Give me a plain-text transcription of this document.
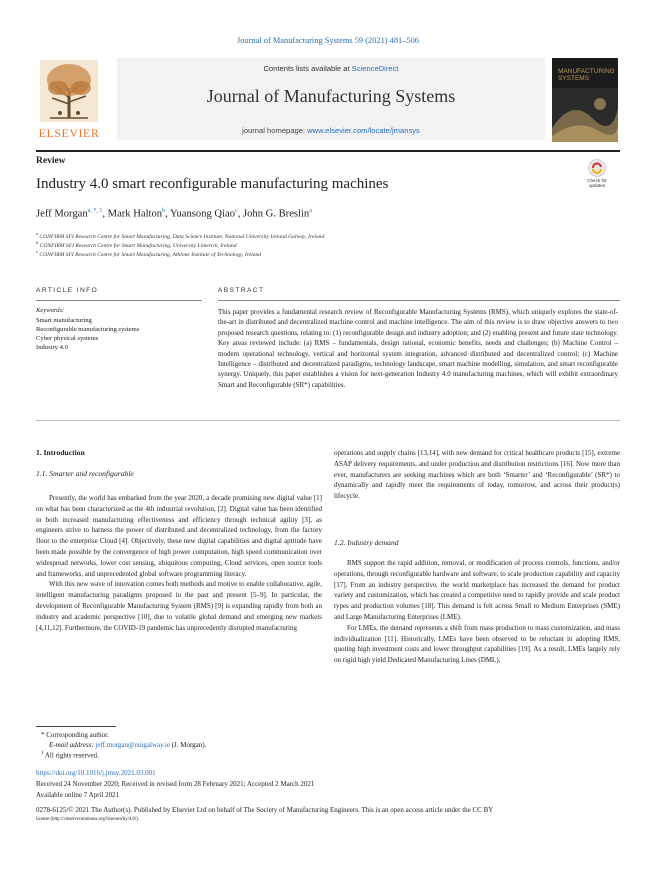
Journal of Manufacturing Systems 59 (2021) 481–506
ELSEVIER
Contents lists available at ScienceDirect
Journal of Manufacturing Systems
journal homepage: www.elsevier.com/locate/jmansys
MANUFACTURING
SYSTEMS
Review
Industry 4.0 smart reconfigurable manufacturing machines	Check for
updates
Jeff Morgan$^{a, *, 1}$, Mark Halton$^b$, Yuansong Qiao$^c$, John G. Breslin$^a$
$^a$ CONFIRM SFI Research Centre for Smart Manufacturing, Data Science Institute, National University Ireland Galway, Ireland
$^b$ CONFIRM SFI Research Centre for Smart Manufacturing, University Limerick, Ireland
$^c$ CONFIRM SFI Research Centre for Smart Manufacturing, Athlone Institute of Technology, Ireland
ARTICLE INFO	ABSTRACT
Keywords:
Smart manufacturing
Reconfigurable manufacturing systems
Cyber physical systems
Industry 4.0
This paper provides a fundamental research review of Reconfigurable Manufacturing Systems (RMS), which uniquely explores the state-of-the-art in distributed and decentralized machine control and machine intelligence. The aim of this review is to draw objective answers to two proposed research questions, relating to: (1) reconfigurable design and industry adoption; and (2) enabling present and future state technology. Key areas reviewed include: (a) RMS – fundamentals, design rational, economic benefits, needs and challenges; (b) Machine Control – modern operational technology, vertical and horizontal system integration, advanced distributed and decentralized control; (c) Machine Intelligence – distributed and decentralized paradigms, technology landscape, smart machine modelling, simulation, and smart reconfigurable synergy. Uniquely, this paper establishes a vision for next-generation Industry 4.0 manufacturing machines, which will exhibit extraordinary Smart and Reconfigurable (SR*) capabilities.
1. Introduction
1.1. Smarter and reconfigurable

Presently, the world has embarked from the year 2020, a decade promising new digital value [1] on what has been characterized as the 4th industrial revolution, [2]. Digital value has been identified in both increased manufacturing effectiveness and efficiency through technical agility [3], as engineers strive to harness the power of distributed and decentralized technology, from the factory floor to the enterprise Cloud [4]. Objectively, these new digital capabilities and digital aptitude have been made possible by the convergence of high power computation, high speed communication over widespread networks, lower cost sensing, ubiquitous computing, Cloud services, open source tools and frameworks, and unprecedented global software programming literacy.

With this new wave of innovation comes both methods and motive to enable collaborative, agile, intelligent manufacturing paradigms proposed in the past and present [5–9]. In particular, the development of Reconfigurable Manufacturing System (RMS) [9] is expanding rapidly from both an industry and academic perspective [10], due to volatile global demand and emerging new markets [4,11,12]. Furthermore, the COVID-19 pandemic has unprecedently disrupted manufacturing

operations and supply chains [13,14], with new demand for critical healthcare products [15], extreme ASAP delivery requirements, and under production and distribution restrictions [16]. Now more than ever, manufacturers are seeking machines which are both ‘Smarter’ and ‘Reconfigurable’ (SR*) to dynamically and rapidly meet the requirements of today, tomorrow, and across their product(s) lifecycle.

1.2. Industry demand

RMS support the rapid addition, removal, or modification of process controls, functions, and/or operations, through reconfigurable hardware and software, to scale production capability and capacity [17]. From an industry perspective, the world marketplace has increased the demand for product variety and customization, which has created a competitive need to rapidly provide and scale product types and production volumes [18]. This demand is felt across Small to Medium Enterprises (SME) and Large Manufacturing Enterprises (LME).

For LMEs, the demand represents a shift from mass production to mass customization, and mass individualization [11]. Historically, LMEs have been observed to be reluctant in adopting RMS, quoting high investment costs and lower throughput capabilities [19]. As a result, LMEs largely rely on rigid high yield Dedicated Manufacturing Lines (DML),

* Corresponding author.
E-mail address: jeff.morgan@nuigalway.ie (J. Morgan).
$^1$ All rights reserved.
https://doi.org/10.1016/j.jmsy.2021.03.001
Received 24 November 2020; Received in revised form 28 February 2021; Accepted 2 March 2021
Available online 7 April 2021
0278-6125/© 2021 The Author(s). Published by Elsevier Ltd on behalf of The Society of Manufacturing Engineers. This is an open access article under the CC BY
license (http://creativecommons.org/licenses/by/4.0/).
